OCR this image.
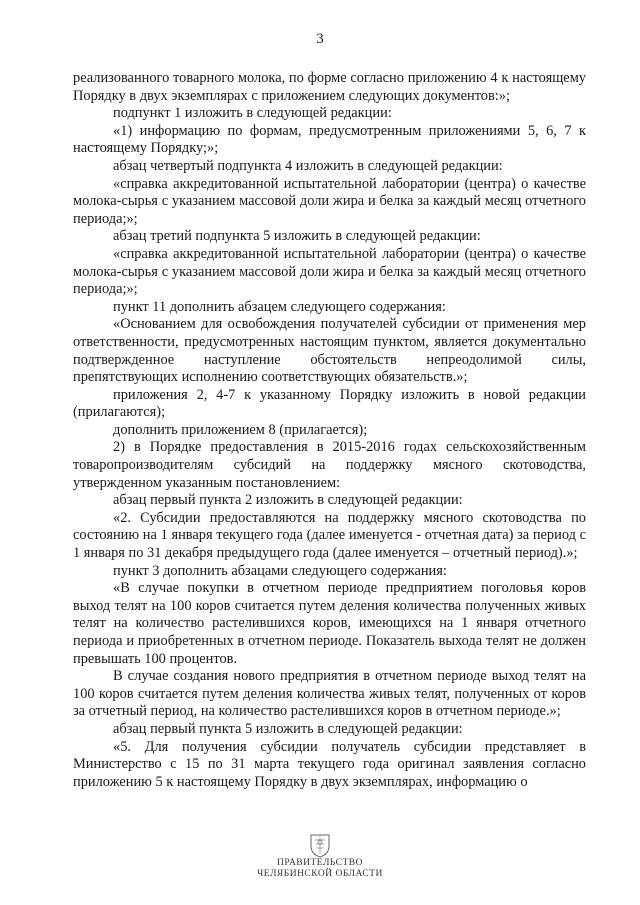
3

реализованного товарного молока, по форме согласно приложению 4 к настоящему Порядку в двух экземплярах с приложением следующих документов:»;

подпункт 1 изложить в следующей редакции:

«1) информацию по формам, предусмотренным приложениями 5, 6, 7 к настоящему Порядку;»;

абзац четвертый подпункта 4 изложить в следующей редакции:

«справка аккредитованной испытательной лаборатории (центра) о качестве молока-сырья с указанием массовой доли жира и белка за каждый месяц отчетного периода;»;

абзац третий подпункта 5 изложить в следующей редакции:

«справка аккредитованной испытательной лаборатории (центра) о качестве молока-сырья с указанием массовой доли жира и белка за каждый месяц отчетного периода;»;

пункт 11 дополнить абзацем следующего содержания:

«Основанием для освобождения получателей субсидии от применения мер ответственности, предусмотренных настоящим пунктом, является документально подтвержденное наступление обстоятельств непреодолимой силы, препятствующих исполнению соответствующих обязательств.»;

приложения 2, 4-7 к указанному Порядку изложить в новой редакции (прилагаются);

дополнить приложением 8 (прилагается);

2) в Порядке предоставления в 2015-2016 годах сельскохозяйственным товаропроизводителям субсидий на поддержку мясного скотоводства, утвержденном указанным постановлением:

абзац первый пункта 2 изложить в следующей редакции:

«2. Субсидии предоставляются на поддержку мясного скотоводства по состоянию на 1 января текущего года (далее именуется - отчетная дата) за период с 1 января по 31 декабря предыдущего года (далее именуется – отчетный период).»;

пункт 3 дополнить абзацами следующего содержания:

«В случае покупки в отчетном периоде предприятием поголовья коров выход телят на 100 коров считается путем деления количества полученных живых телят на количество растелившихся коров, имеющихся на 1 января отчетного периода и приобретенных в отчетном периоде. Показатель выхода телят не должен превышать 100 процентов.

В случае создания нового предприятия в отчетном периоде выход телят на 100 коров считается путем деления количества живых телят, полученных от коров за отчетный период, на количество растелившихся коров в отчетном периоде.»;

абзац первый пункта 5 изложить в следующей редакции:

«5. Для получения субсидии получатель субсидии представляет в Министерство с 15 по 31 марта текущего года оригинал заявления согласно приложению 5 к настоящему Порядку в двух экземплярах, информацию о

ПРАВИТЕЛЬСТВО
ЧЕЛЯБИНСКОЙ ОБЛАСТИ
